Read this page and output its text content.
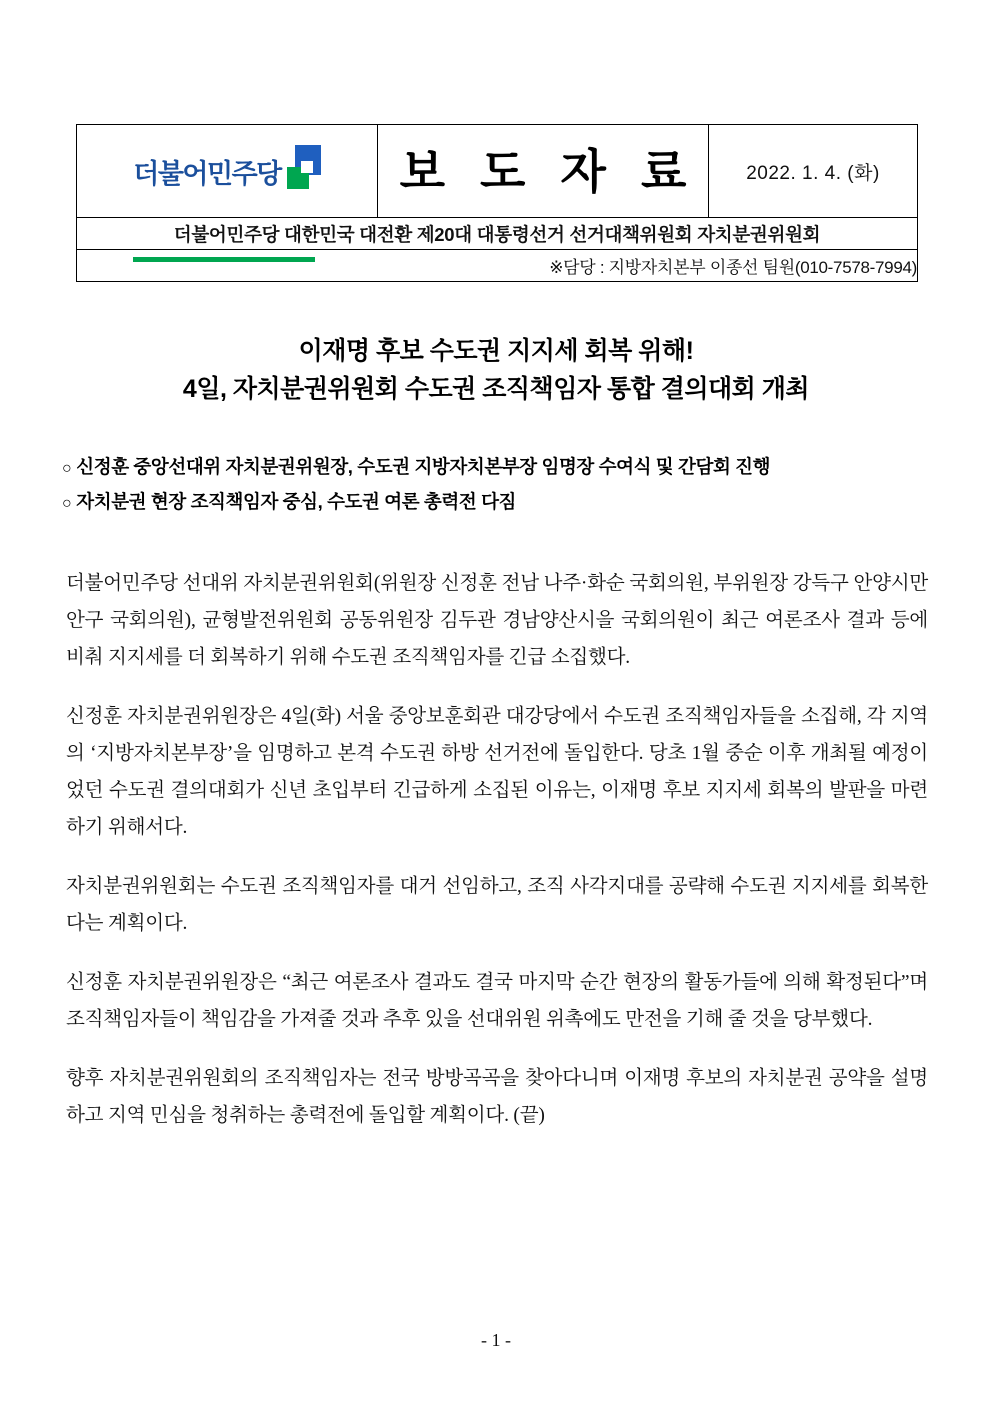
더불어민주당	보 도 자 료	2022. 1. 4. (화)

더불어민주당 대한민국 대전환 제20대 대통령선거 선거대책위원회 자치분권위원회
※담당 : 지방자치본부 이종선 팀원(010-7578-7994)
이재명 후보 수도권 지지세 회복 위해!
4일, 자치분권위원회 수도권 조직책임자 통합 결의대회 개최
○ 신정훈 중앙선대위 자치분권위원장, 수도권 지방자치본부장 임명장 수여식 및 간담회 진행
○ 자치분권 현장 조직책임자 중심, 수도권 여론 총력전 다짐

더불어민주당 선대위 자치분권위원회(위원장 신정훈 전남 나주·화순 국회의원, 부위원장 강득구 안양시만안구 국회의원), 균형발전위원회 공동위원장 김두관 경남양산시을 국회의원이 최근 여론조사 결과 등에 비춰 지지세를 더 회복하기 위해 수도권 조직책임자를 긴급 소집했다.

신정훈 자치분권위원장은 4일(화) 서울 중앙보훈회관 대강당에서 수도권 조직책임자들을 소집해, 각 지역의 ‘지방자치본부장’을 임명하고 본격 수도권 하방 선거전에 돌입한다. 당초 1월 중순 이후 개최될 예정이었던 수도권 결의대회가 신년 초입부터 긴급하게 소집된 이유는, 이재명 후보 지지세 회복의 발판을 마련하기 위해서다.

자치분권위원회는 수도권 조직책임자를 대거 선임하고, 조직 사각지대를 공략해 수도권 지지세를 회복한다는 계획이다.

신정훈 자치분권위원장은 “최근 여론조사 결과도 결국 마지막 순간 현장의 활동가들에 의해 확정된다”며 조직책임자들이 책임감을 가져줄 것과 추후 있을 선대위원 위촉에도 만전을 기해 줄 것을 당부했다.

향후 자치분권위원회의 조직책임자는 전국 방방곡곡을 찾아다니며 이재명 후보의 자치분권 공약을 설명하고 지역 민심을 청취하는 총력전에 돌입할 계획이다. (끝)

- 1 -
